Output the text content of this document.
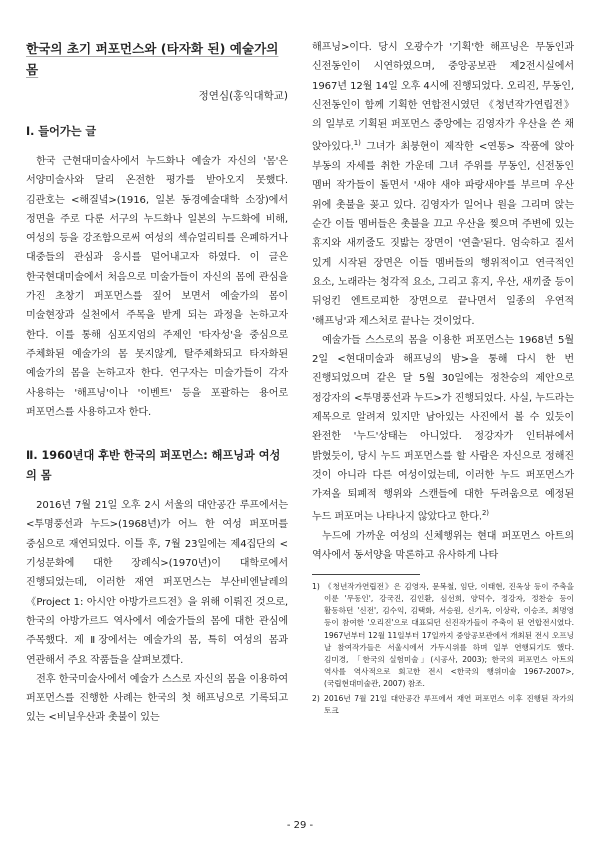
한국의 초기 퍼포먼스와 (타자화 된) 예술가의 몸
정연심(홍익대학교)
Ⅰ. 들어가는 글

한국 근현대미술사에서 누드화나 예술가 자신의 '몸'은 서양미술사와 달리 온전한 평가를 받아오지 못했다. 김관호는 <해질녘>(1916, 일본 동경예술대학 소장)에서 정면을 주로 다룬 서구의 누드화나 일본의 누드화에 비해, 여성의 등을 강조함으로써 여성의 섹슈얼리티를 은폐하거나 대중들의 관심과 응시를 덜어내고자 하였다. 이 글은 한국현대미술에서 처음으로 미술가들이 자신의 몸에 관심을 가진 초창기 퍼포먼스를 짚어 보면서 예술가의 몸이 미술현장과 실천에서 주목을 받게 되는 과정을 논하고자 한다. 이를 통해 심포지엄의 주제인 '타자성'을 중심으로 주체화된 예술가의 몸 못지않게, 탈주체화되고 타자화된 예술가의 몸을 논하고자 한다. 연구자는 미술가들이 각자 사용하는 '해프닝'이나 '이벤트' 등을 포괄하는 용어로 퍼포먼스를 사용하고자 한다.

Ⅱ. 1960년대 후반 한국의 퍼포먼스: 해프닝과 여성의 몸

2016년 7월 21일 오후 2시 서울의 대안공간 루프에서는 <투명풍선과 누드>(1968년)가 어느 한 여성 퍼포머를 중심으로 재연되었다. 이틀 후, 7월 23일에는 제4집단의 <기성문화에 대한 장례식>(1970년)이 대학로에서 진행되었는데, 이러한 재연 퍼포먼스는 부산비엔날레의 《Project 1: 아시안 아방가르드전》을 위해 이뤄진 것으로, 한국의 아방가르드 역사에서 예술가들의 몸에 대한 관심에 주목했다. 제 Ⅱ장에서는 예술가의 몸, 특히 여성의 몸과 연관해서 주요 작품들을 살펴보겠다.

전후 한국미술사에서 예술가 스스로 자신의 몸을 이용하여 퍼포먼스를 진행한 사례는 한국의 첫 해프닝으로 기록되고 있는 <비닐우산과 촛불이 있는

해프닝>이다. 당시 오광수가 '기획'한 해프닝은 무동인과 신전동인이 시연하였으며, 중앙공보관 제2전시실에서 1967년 12월 14일 오후 4시에 진행되었다. 오리진, 무동인, 신전동인이 함께 기획한 연합전시였던 《청년작가연립전》의 일부로 기획된 퍼포먼스 중앙에는 김영자가 우산을 쓴 채 앉아있다.$^{1)}$ 그녀가 최붕현이 제작한 <연통> 작품에 앉아 부동의 자세를 취한 가운데 그녀 주위를 무동인, 신전동인 멤버 작가들이 돌면서 '새야 새야 파랑새야'를 부르며 우산 위에 촛불을 꽂고 있다. 김영자가 일어나 원을 그리며 앉는 순간 이들 멤버들은 촛불을 끄고 우산을 찢으며 주변에 있는 휴지와 새끼줄도 짓밟는 장면이 '연출'된다. 엄숙하고 질서 있게 시작된 장면은 이들 멤버들의 행위적이고 연극적인 요소, 노래라는 청각적 요소, 그리고 휴지, 우산, 새끼줄 등이 뒤엉킨 엔트로피한 장면으로 끝나면서 일종의 우연적 '해프닝'과 제스처로 끝나는 것이었다.

예술가들 스스로의 몸을 이용한 퍼포먼스는 1968년 5월 2일 <현대미술과 해프닝의 밤>을 통해 다시 한 번 진행되었으며 같은 달 5월 30일에는 정찬승의 제안으로 정강자의 <투명풍선과 누드>가 진행되었다. 사실, 누드라는 제목으로 알려져 있지만 남아있는 사진에서 볼 수 있듯이 완전한 '누드'상태는 아니었다. 정강자가 인터뷰에서 밝혔듯이, 당시 누드 퍼포먼스를 할 사람은 자신으로 정해진 것이 아니라 다른 여성이었는데, 이러한 누드 퍼포먼스가 가져올 퇴폐적 행위와 스캔들에 대한 두려움으로 예정된 누드 퍼포머는 나타나지 않았다고 한다.$^{2)}$

누드에 가까운 여성의 신체행위는 현대 퍼포먼스 아트의 역사에서 동서양을 막론하고 유사하게 나타

1) 《청년작가연립전》은 김영자, 문복철, 임단, 이태현, 진옥상 등이 주축을 이룬 '무동인', 강국진, 김인환, 심선희, 양덕수, 정강자, 정찬승 등이 활동하던 '신전', 김수익, 김택화, 서승원, 신기옥, 이상락, 이승조, 최명영 등이 참여한 '오리진'으로 대표되던 신진작가들이 주축이 된 연합전시였다. 1967년부터 12월 11일부터 17일까지 중앙공보관에서 개최된 전시 오프닝 날 참여작가들은 서울시에서 가두시위를 하며 일부 연행되기도 했다. 김미경, 「한국의 실험미술」(시공사, 2003); 한국의 퍼포먼스 아트의 역사를 역사적으로 회고한 전시 <한국의 행위미술 1967-2007>, (국립현대미술관, 2007) 참조.
2) 2016년 7월 21일 대안공간 루프에서 재연 퍼포먼스 이후 진행된 작가의 토크
- 29 -
